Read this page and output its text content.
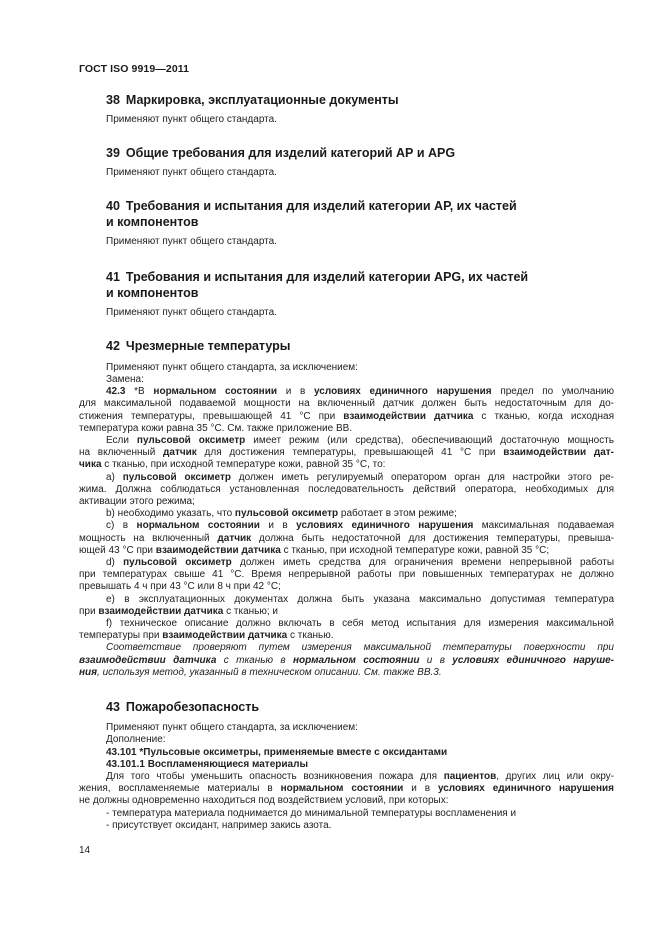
ГОСТ ISO 9919—2011

38 Маркировка, эксплуатационные документы

Применяют пункт общего стандарта.

39 Общие требования для изделий категорий АР и APG

Применяют пункт общего стандарта.

40 Требования и испытания для изделий категории АР, их частей
и компонентов

Применяют пункт общего стандарта.

41 Требования и испытания для изделий категории APG, их частей
и компонентов

Применяют пункт общего стандарта.

42 Чрезмерные температуры

Применяют пункт общего стандарта, за исключением:
Замена:
42.3 *В нормальном состоянии и в условиях единичного нарушения предел по умолчанию
для максимальной подаваемой мощности на включенный датчик должен быть недостаточным для до-
стижения температуры, превышающей 41 °С при взаимодействии датчика с тканью, когда исходная
температура кожи равна 35 °С. См. также приложение ВВ.
Если пульсовой оксиметр имеет режим (или средства), обеспечивающий достаточную мощность
на включенный датчик для достижения температуры, превышающей 41 °С при взаимодействии дат-
чика с тканью, при исходной температуре кожи, равной 35 °С, то:
а) пульсовой оксиметр должен иметь регулируемый оператором орган для настройки этого ре-
жима. Должна соблюдаться установленная последовательность действий оператора, необходимых для
активации этого режима;
b) необходимо указать, что пульсовой оксиметр работает в этом режиме;
с) в нормальном состоянии и в условиях единичного нарушения максимальная подаваемая
мощность на включенный датчик должна быть недостаточной для достижения температуры, превыша-
ющей 43 °С при взаимодействии датчика с тканью, при исходной температуре кожи, равной 35 °С;
d) пульсовой оксиметр должен иметь средства для ограничения времени непрерывной работы
при температурах свыше 41 °С. Время непрерывной работы при повышенных температурах не должно
превышать 4 ч при 43 °С или 8 ч при 42 °С;
е) в эксплуатационных документах должна быть указана максимально допустимая температура
при взаимодействии датчика с тканью; и
f) техническое описание должно включать в себя метод испытания для измерения максимальной
температуры при взаимодействии датчика с тканью.
Соответствие проверяют путем измерения максимальной температуры поверхности при
взаимодействии датчика с тканью в нормальном состоянии и в условиях единичного наруше-
ния, используя метод, указанный в техническом описании. См. также ВВ.3.

43 Пожаробезопасность

Применяют пункт общего стандарта, за исключением:
Дополнение:
43.101 *Пульсовые оксиметры, применяемые вместе с оксидантами
43.101.1 Воспламеняющиеся материалы
Для того чтобы уменьшить опасность возникновения пожара для пациентов, других лиц или окру-
жения, воспламеняемые материалы в нормальном состоянии и в условиях единичного нарушения
не должны одновременно находиться под воздействием условий, при которых:
- температура материала поднимается до минимальной температуры воспламенения и
- присутствует оксидант, например закись азота.
14
